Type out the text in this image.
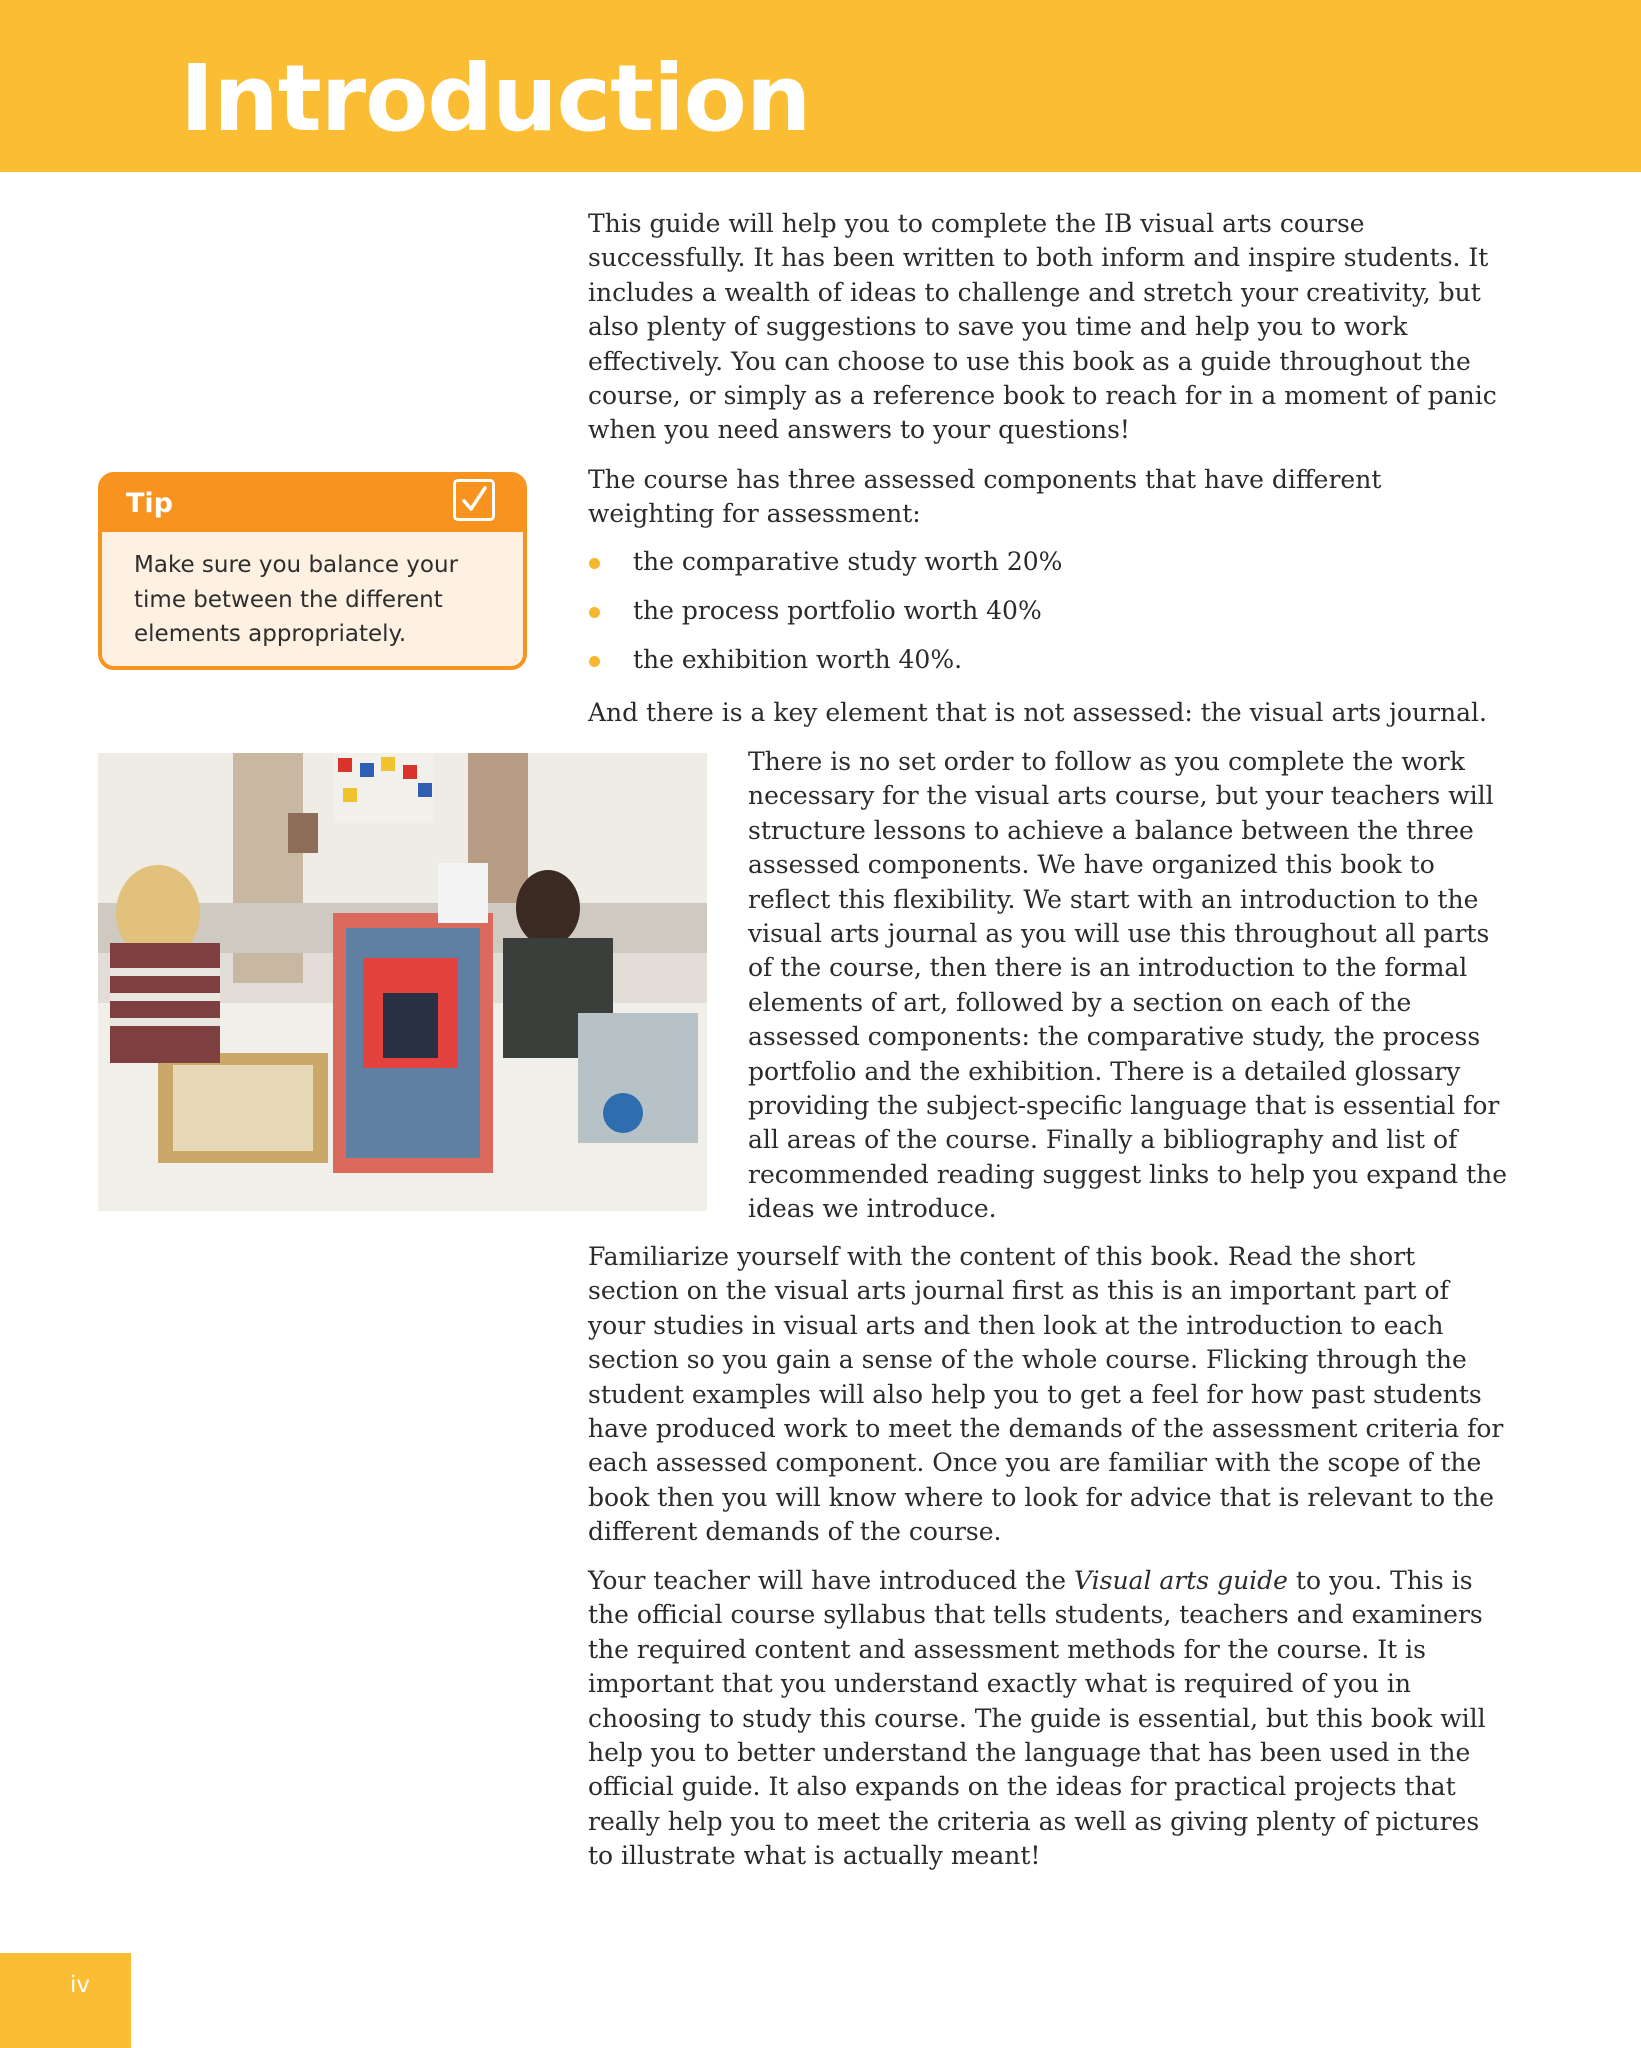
Introduction
Tip

Make sure you balance your time between the different elements appropriately.

This guide will help you to complete the IB visual arts course successfully. It has been written to both inform and inspire students. It includes a wealth of ideas to challenge and stretch your creativity, but also plenty of suggestions to save you time and help you to work effectively. You can choose to use this book as a guide throughout the course, or simply as a reference book to reach for in a moment of panic when you need answers to your questions!

The course has three assessed components that have different weighting for assessment:

the comparative study worth 20%
the process portfolio worth 40%
the exhibition worth 40%.

And there is a key element that is not assessed: the visual arts journal.

There is no set order to follow as you complete the work necessary for the visual arts course, but your teachers will structure lessons to achieve a balance between the three assessed components. We have organized this book to reflect this flexibility. We start with an introduction to the visual arts journal as you will use this throughout all parts of the course, then there is an introduction to the formal elements of art, followed by a section on each of the assessed components: the comparative study, the process portfolio and the exhibition. There is a detailed glossary providing the subject-specific language that is essential for all areas of the course. Finally a bibliography and list of recommended reading suggest links to help you expand the ideas we introduce.

Familiarize yourself with the content of this book. Read the short section on the visual arts journal first as this is an important part of your studies in visual arts and then look at the introduction to each section so you gain a sense of the whole course. Flicking through the student examples will also help you to get a feel for how past students have produced work to meet the demands of the assessment criteria for each assessed component. Once you are familiar with the scope of the book then you will know where to look for advice that is relevant to the different demands of the course.

Your teacher will have introduced the Visual arts guide to you. This is the official course syllabus that tells students, teachers and examiners the required content and assessment methods for the course. It is important that you understand exactly what is required of you in choosing to study this course. The guide is essential, but this book will help you to better understand the language that has been used in the official guide. It also expands on the ideas for practical projects that really help you to meet the criteria as well as giving plenty of pictures to illustrate what is actually meant!

iv
